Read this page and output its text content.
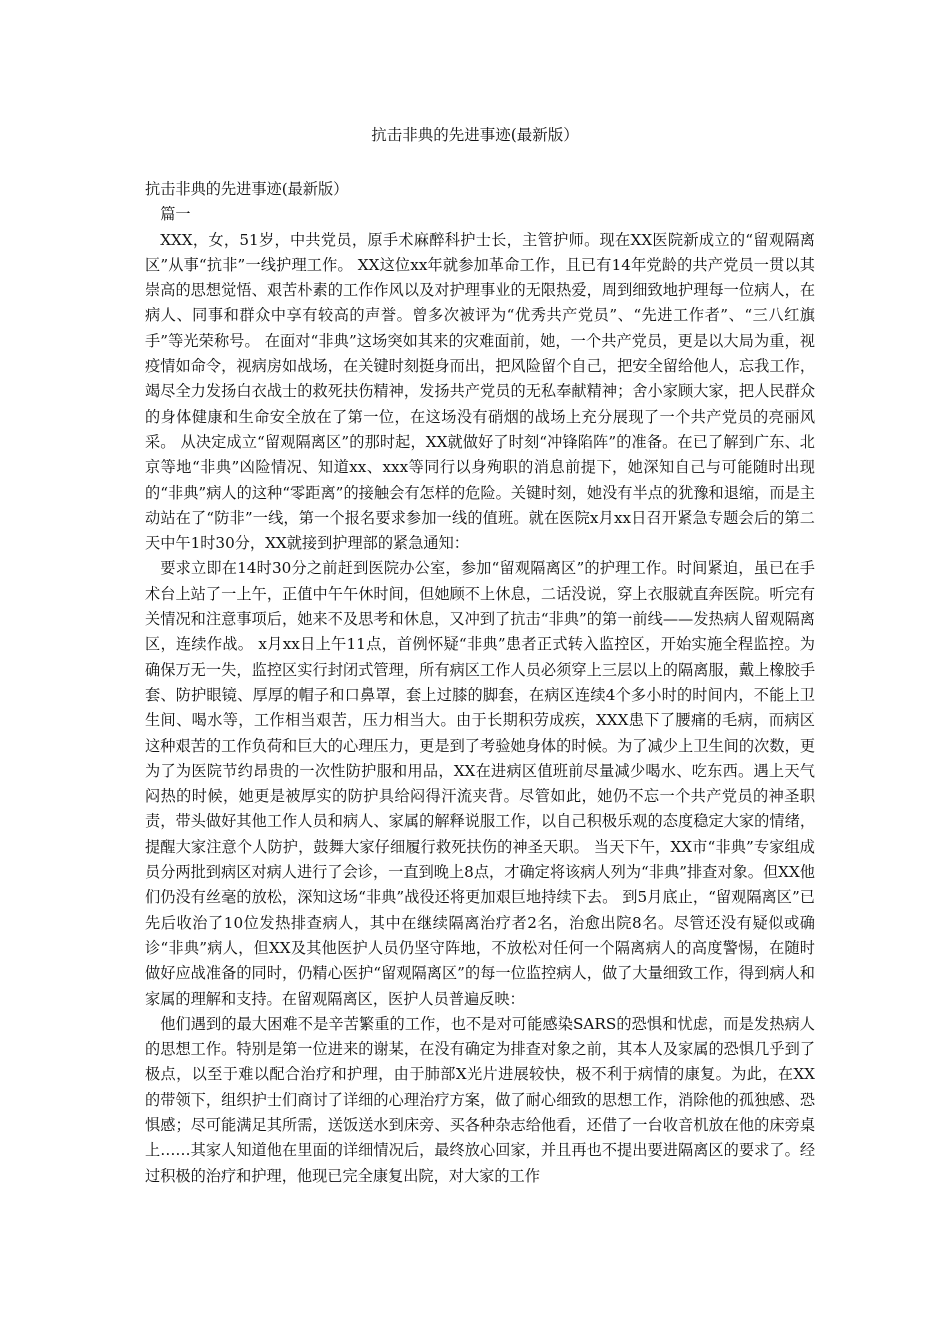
抗击非典的先进事迹(最新版）

抗击非典的先进事迹(最新版）

篇一

XXX，女，51岁，中共党员，原手术麻醉科护士长，主管护师。现在XX医院新成立的“留观隔离区”从事“抗非”一线护理工作。 XX这位xx年就参加革命工作，且已有14年党龄的共产党员一贯以其崇高的思想觉悟、艰苦朴素的工作作风以及对护理事业的无限热爱，周到细致地护理每一位病人，在病人、同事和群众中享有较高的声誉。曾多次被评为“优秀共产党员”、“先进工作者”、“三八红旗手”等光荣称号。 在面对“非典”这场突如其来的灾难面前，她，一个共产党员，更是以大局为重，视疫情如命令，视病房如战场，在关键时刻挺身而出，把风险留个自己，把安全留给他人，忘我工作，竭尽全力发扬白衣战士的救死扶伤精神，发扬共产党员的无私奉献精神；舍小家顾大家，把人民群众的身体健康和生命安全放在了第一位，在这场没有硝烟的战场上充分展现了一个共产党员的亮丽风采。 从决定成立“留观隔离区”的那时起，XX就做好了时刻“冲锋陷阵”的准备。在已了解到广东、北京等地“非典”凶险情况、知道xx、xxx等同行以身殉职的消息前提下，她深知自己与可能随时出现的“非典”病人的这种“零距离”的接触会有怎样的危险。关键时刻，她没有半点的犹豫和退缩，而是主动站在了“防非”一线，第一个报名要求参加一线的值班。就在医院x月xx日召开紧急专题会后的第二天中午1时30分，XX就接到护理部的紧急通知：

要求立即在14时30分之前赶到医院办公室，参加“留观隔离区”的护理工作。时间紧迫，虽已在手术台上站了一上午，正值中午午休时间，但她顾不上休息，二话没说，穿上衣服就直奔医院。听完有关情况和注意事项后，她来不及思考和休息，又冲到了抗击“非典”的第一前线——发热病人留观隔离区，连续作战。 x月xx日上午11点，首例怀疑“非典”患者正式转入监控区，开始实施全程监控。为确保万无一失，监控区实行封闭式管理，所有病区工作人员必须穿上三层以上的隔离服，戴上橡胶手套、防护眼镜、厚厚的帽子和口鼻罩，套上过膝的脚套，在病区连续4个多小时的时间内，不能上卫生间、喝水等，工作相当艰苦，压力相当大。由于长期积劳成疾，XXX患下了腰痛的毛病，而病区这种艰苦的工作负荷和巨大的心理压力，更是到了考验她身体的时候。为了减少上卫生间的次数，更为了为医院节约昂贵的一次性防护服和用品，XX在进病区值班前尽量减少喝水、吃东西。遇上天气闷热的时候，她更是被厚实的防护具给闷得汗流夹背。尽管如此，她仍不忘一个共产党员的神圣职责，带头做好其他工作人员和病人、家属的解释说服工作，以自己积极乐观的态度稳定大家的情绪，提醒大家注意个人防护，鼓舞大家仔细履行救死扶伤的神圣天职。 当天下午，XX市“非典”专家组成员分两批到病区对病人进行了会诊，一直到晚上8点，才确定将该病人列为“非典”排查对象。但XX他们仍没有丝毫的放松，深知这场“非典”战役还将更加艰巨地持续下去。 到5月底止，“留观隔离区”已先后收治了10位发热排查病人，其中在继续隔离治疗者2名，治愈出院8名。尽管还没有疑似或确诊“非典”病人，但XX及其他医护人员仍坚守阵地，不放松对任何一个隔离病人的高度警惕，在随时做好应战准备的同时，仍精心医护“留观隔离区”的每一位监控病人，做了大量细致工作，得到病人和家属的理解和支持。在留观隔离区，医护人员普遍反映：

他们遇到的最大困难不是辛苦繁重的工作，也不是对可能感染SARS的恐惧和忧虑，而是发热病人的思想工作。特别是第一位进来的谢某，在没有确定为排查对象之前，其本人及家属的恐惧几乎到了极点，以至于难以配合治疗和护理，由于肺部X光片进展较快，极不利于病情的康复。为此，在XX的带领下，组织护士们商讨了详细的心理治疗方案，做了耐心细致的思想工作，消除他的孤独感、恐惧感；尽可能满足其所需，送饭送水到床旁、买各种杂志给他看，还借了一台收音机放在他的床旁桌上……其家人知道他在里面的详细情况后，最终放心回家，并且再也不提出要进隔离区的要求了。经过积极的治疗和护理，他现已完全康复出院，对大家的工作
